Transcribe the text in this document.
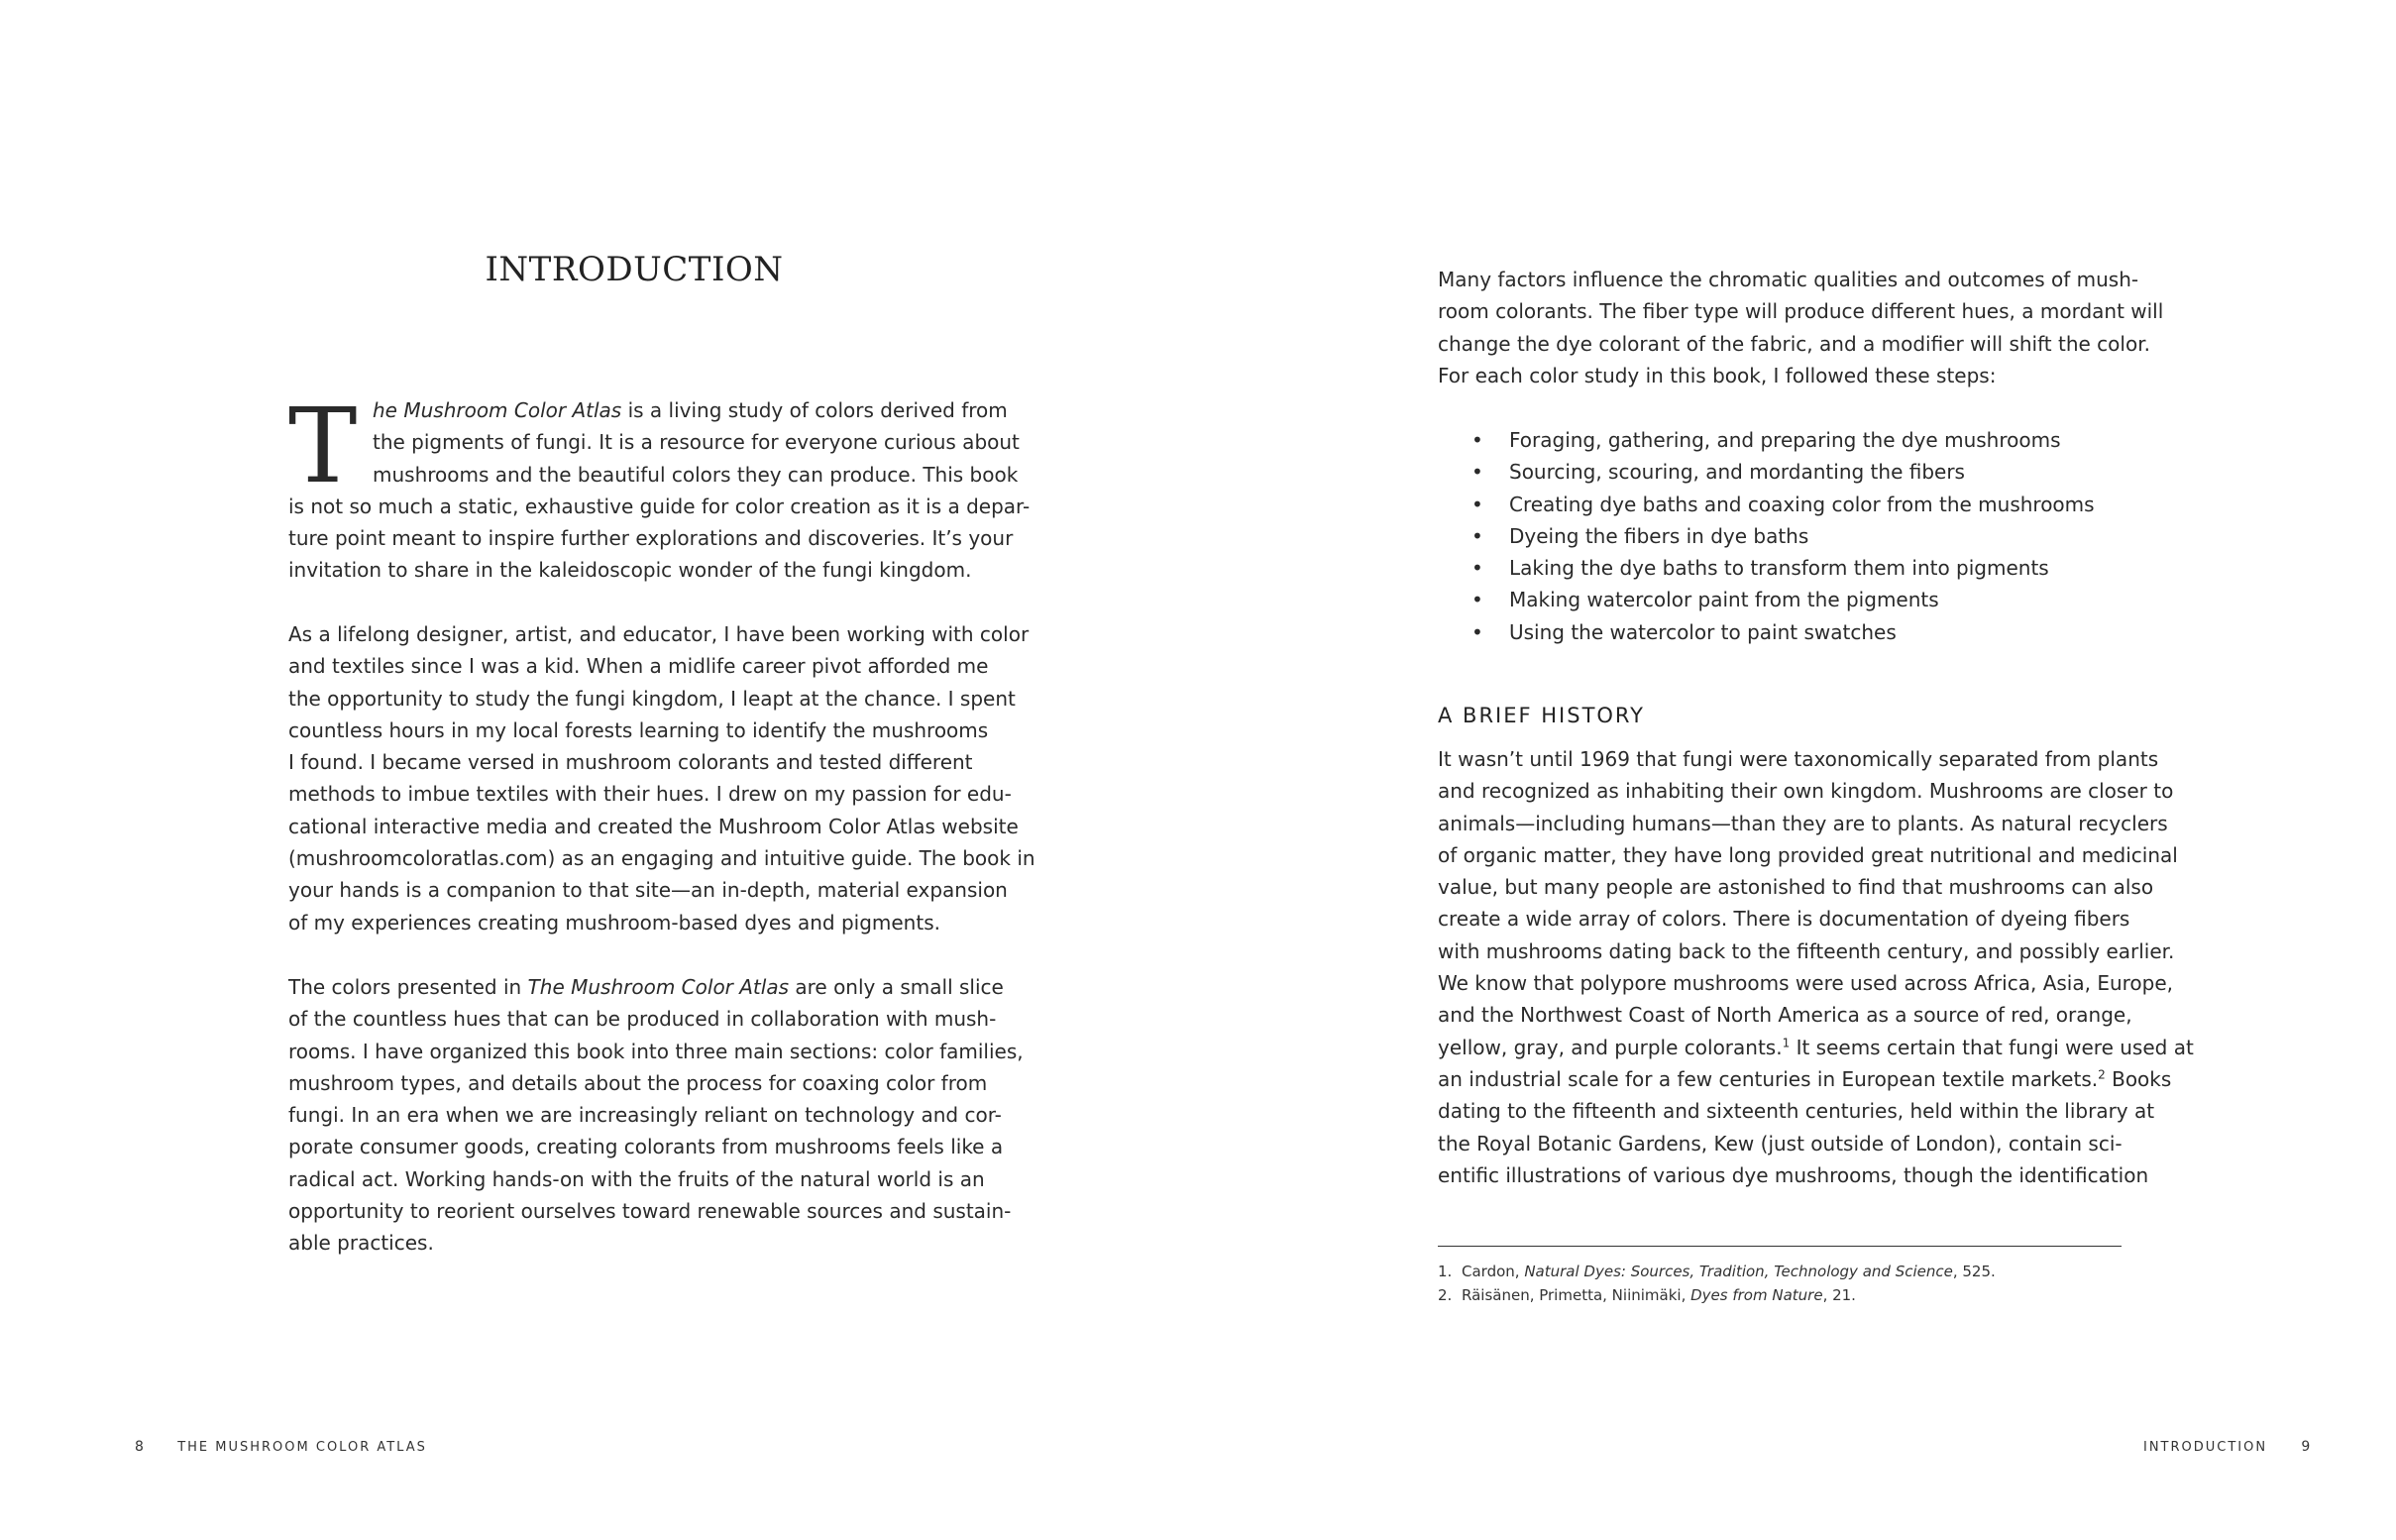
INTRODUCTION
T he Mushroom Color Atlas is a living study of colors derived from
the pigments of fungi. It is a resource for everyone curious about
mushrooms and the beautiful colors they can produce. This book
is not so much a static, exhaustive guide for color creation as it is a depar-
ture point meant to inspire further explorations and discoveries. It’s your
invitation to share in the kaleidoscopic wonder of the fungi kingdom.

As a lifelong designer, artist, and educator, I have been working with color
and textiles since I was a kid. When a midlife career pivot afforded me
the opportunity to study the fungi kingdom, I leapt at the chance. I spent
countless hours in my local forests learning to identify the mushrooms
I found. I became versed in mushroom colorants and tested different
methods to imbue textiles with their hues. I drew on my passion for edu-
cational interactive media and created the Mushroom Color Atlas website
(mushroomcoloratlas.com) as an engaging and intuitive guide. The book in
your hands is a companion to that site—an in-depth, material expansion
of my experiences creating mushroom-based dyes and pigments.

The colors presented in The Mushroom Color Atlas are only a small slice
of the countless hues that can be produced in collaboration with mush-
rooms. I have organized this book into three main sections: color families,
mushroom types, and details about the process for coaxing color from
fungi. In an era when we are increasingly reliant on technology and cor-
porate consumer goods, creating colorants from mushrooms feels like a
radical act. Working hands-on with the fruits of the natural world is an
opportunity to reorient ourselves toward renewable sources and sustain-
able practices.

8	THE MUSHROOM COLOR ATLAS

Many factors influence the chromatic qualities and outcomes of mush-
room colorants. The fiber type will produce different hues, a mordant will
change the dye colorant of the fabric, and a modifier will shift the color.
For each color study in this book, I followed these steps:

• Foraging, gathering, and preparing the dye mushrooms
• Sourcing, scouring, and mordanting the fibers
• Creating dye baths and coaxing color from the mushrooms
• Dyeing the fibers in dye baths
• Laking the dye baths to transform them into pigments
• Making watercolor paint from the pigments
• Using the watercolor to paint swatches
A BRIEF HISTORY

It wasn’t until 1969 that fungi were taxonomically separated from plants
and recognized as inhabiting their own kingdom. Mushrooms are closer to
animals—including humans—than they are to plants. As natural recyclers
of organic matter, they have long provided great nutritional and medicinal
value, but many people are astonished to find that mushrooms can also
create a wide array of colors. There is documentation of dyeing fibers
with mushrooms dating back to the fifteenth century, and possibly earlier.
We know that polypore mushrooms were used across Africa, Asia, Europe,
and the Northwest Coast of North America as a source of red, orange,
yellow, gray, and purple colorants.$^1$ It seems certain that fungi were used at
an industrial scale for a few centuries in European textile markets.$^2$ Books
dating to the fifteenth and sixteenth centuries, held within the library at
the Royal Botanic Gardens, Kew (just outside of London), contain sci-
entific illustrations of various dye mushrooms, though the identification

1. Cardon, Natural Dyes: Sources, Tradition, Technology and Science, 525.
2. Räisänen, Primetta, Niinimäki, Dyes from Nature, 21.
INTRODUCTION 9
